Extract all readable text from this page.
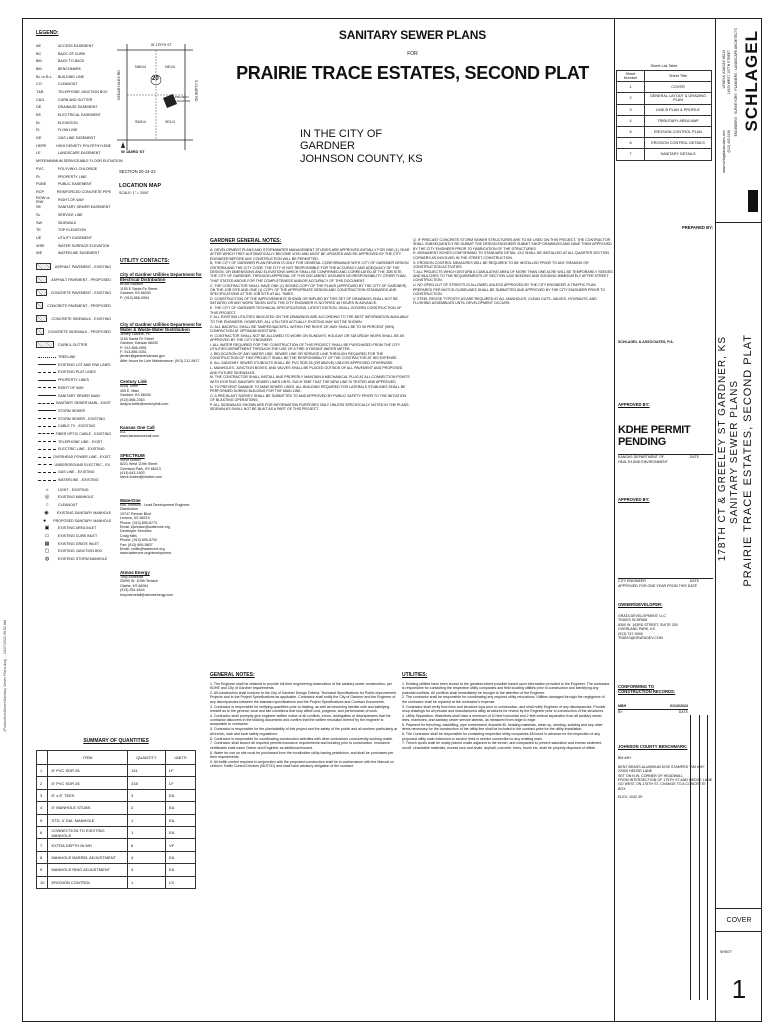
...\Production\Sewer\Sanitary Sewer Plans.dwg ... 10/27/2023 09:52 AM
LEGEND:
AE	ACCESS EASEMENT
BC	BACK OF CURB
BM	BACK TO BACK
BM	BENCHMARK
BL or B.L.	BUILDING LINE
CO	CLEANOUT
T&B	TELEPHONE JUNCTION BOX
C&G	CURB AND GUTTER
DE	DRAINAGE EASEMENT
EE	ELECTRICAL EASEMENT
EL	ELEVATION
FL	FLOW LINE
GE	GAS LINE EASEMENT
HDPE	HIGH DENSITY POLYETHYLENE
LE	LANDSCAPE EASEMENT
MSFE MINIMUM SERVICEABLE FLOOR ELEVATION
PVC	POLYVINYL CHLORIDE
PL	PROPERTY LINE
PUBE	PUBLIC EASEMENT
RCP	REINFORCED CONCRETE PIPE
ROW or R/W	RIGHT-OF-WAY
SE	SANITARY SEWER EASEMENT
SL	SERVICE LINE
SW	SIDEWALK
TE	TOP ELEVATION
UE	UTILITY EASEMENT
WSE	WATER SURFACE ELEVATION
WE	WATERLINE EASEMENT
ASPHALT PAVEMENT - EXISTING
ASPHALT PAVEMENT - PROPOSED
CONCRETE PAVEMENT - EXISTING
CONCRETE PAVEMENT - PROPOSED
CONCRETE SIDEWALK - EXISTING
CONCRETE SIDEWALK - PROPOSED
CURB & GUTTER
TREELINE
EXISTING LOT AND R/W LINES
EXISTING PLAT LINES
PROPERTY LINES
RIGHT OF WAY
SANITARY SEWER MAIN
SANITARY SEWER MAIN - EXIST
STORM SEWER
STORM SEWER - EXISTING
CABLE TV - EXISTING
FIBER OPTIC CABLE - EXISTING
TELEPHONE LINE - EXIST
ELECTRIC LINE - EXISTING
OVERHEAD POWER LINE - EXIST.
UNDERGROUND ELECTRIC - EX.
GAS LINE - EXISTING
WATERLINE - EXISTING
☼	LIGHT - EXISTING
◎	EXISTING MANHOLE
○	CLEANOUT
◉	EXISTING SANITARY MANHOLE
●	PROPOSED SANITARY MANHOLE
▣	EXISTING AREA INLET
▭	EXISTING CURB INLET
▦	EXISTING GRATE INLET
▢	EXISTING JUNCTION BOX
◍	EXISTING STORM MANHOLE
W 175TH ST
W 183RD ST
CEDAR NILES RD	S CLARE RD
NW1/4	NE1/4
SW1/4	SE1/4
20
PROJECT LOCATION
SECTION 20-14-22
LOCATION MAP
SCALE: 1" = 2000'
UTILITY CONTACTS:
City of Gardner Utilities Department for Electrical Distribution
Bruce Baldwin
1150 E Santa Fe Street
Gardner, KS 66030
P: (913) 856-0954
City of Gardner Utilities Department for Water & Waste-Water Distribution
Jeffrey LaMirre, PE
1150 Santa Fe Street
Gardner, Kansas 66030
P: 913-856-0991
F: 913-856-0251
jlemire@gardnerkansas.gov
After Hours for Line Maintenance: (913) 212-9917
Century Link
Andy Tuttle
405 E. Main
Gardner, KS 66030
(913) 856-2363
andy.w.tuttle@centurylink.com
Kansas One Call
811
www.kansasonecall.com
SPECTRUM
Steve Button
8221 West 119th Street
Overland Park, KS 66213
(913) 643-1903
steve.button@charter.com
WaterOne
Kirk Johnson - Lead Development Engineer, Distribution
10747 Renner Blvd
Lenexa, KS 66219
Phone: (913) 895-6773
Email: kjohnson@waterone.org
Developer Services:
Craig Mills
Phone: (913) 895-5700
Fax: (913) 895-5807
Email: cmills@waterone.org
www.waterone.org/development
Atmos Energy
Tony Annestall
25090 W. 119th Terrace
Olathe, KS 66061
(913) 254-6344
tony.barnetall@atmosenergy.com
SUMMARY OF QUANTITIES
	ITEM	QUANTITY	UNITS
1	8" PVC SDR 26	131	LF
2	6" PVC SDR 26	218	LF
3	8" x 6" TEES	3	EA
4	6" MANHOLE STUBS	2	EA
5	STD. 4' DIA. MANHOLE	1	EA
6	CONNECTION TO EXISTING MANHOLE	1	EA
7	EXTRA DEPTH IN MH	8	VF
8	MANHOLE BARREL ADJUSTMENT	4	EA
9	MANHOLE RING ADJUSTMENT	4	EA
10	EROSION CONTROL	1	LS
SANITARY SEWER PLANS
FOR
PRAIRIE TRACE ESTATES, SECOND PLAT
IN THE CITY OF GARDNER
JOHNSON COUNTY, KS
Sheet List Table
Sheet Number	Sheet Title
1	COVER
2	GENERAL LAYOUT & GRADING PLAN
3	LINE B PLAN & PROFILE
4	TRIBUTARY AREA MAP
5	EROSION CONTROL PLAN
6	EROSION CONTROL DETAILS
7	SANITARY DETAILS
GARDNER GENERAL NOTES:

A. DEVELOPMENT PLANS AND STORMWATER MANAGEMENT STUDIES ARE APPROVED INITIALLY FOR ONE (1) YEAR AFTER WHICH THEY AUTOMATICALLY BECOME VOID AND MUST BE UPDATED AND RE-APPROVED BY THE CITY ENGINEER BEFORE ANY CONSTRUCTION WILL BE PERMITTED.

B. THE CITY OF GARDNER PLAN REVIEW IS ONLY FOR GENERAL CONFORMANCE WITH CITY OF GARDNER DESIGN CRITERIA AND THE CITY CODE. THE CITY IS NOT RESPONSIBLE FOR THE ACCURACY AND ADEQUACY OF THE DESIGN, OR DIMENSIONS AND ELEVATIONS WHICH SHALL BE CONFIRMED AND CORRELATED AT THE JOB SITE. THE CITY OF GARDNER, THROUGH APPROVAL OF THIS DOCUMENT, ASSUMES NO RESPONSIBILITY OTHER THAN THAT STATED ABOVE FOR THE COMPLETENESS AND/OR ACCURACY OF THIS DOCUMENT.

C. THE CONTRACTOR SHALL HAVE ONE (1) SIGNED COPY OF THE PLANS (APPROVED BY THE CITY OF GARDNER) ON THE JOB SITE AND ONE (1) COPY OF THE APPROPRIATE DESIGN AND CONSTRUCTION STANDARDS AND SPECIFICATIONS AT THE JOB SITE AT ALL TIMES.

D. CONSTRUCTION OF THE IMPROVEMENTS SHOWN OR IMPLIED BY THIS SET OF DRAWINGS SHALL NOT BE INITIATED OR ANY WORK TAKEN UNTIL THE CITY ENGINEER IS NOTIFIED 48 HOURS IN ADVANCE.

E. THE CITY OF GARDNER TECHNICAL SPECIFICATIONS, LATEST EDITION, SHALL GOVERN CONSTRUCTION OF THIS PROJECT.

F. ALL EXISTING UTILITIES INDICATED ON THE DRAWINGS ARE ACCORDING TO THE BEST INFORMATION AVAILABLE TO THE ENGINEER; HOWEVER, ALL UTILITIES ACTUALLY EXISTING MAY NOT BE SHOWN.

G. ALL BACKFILL SHALL BE TAMPED BACKFILL WITHIN THE RIGHT-OF-WAY SHALL BE TO 95 PERCENT (95%) COMPACTION AT OPTIMUM MOISTURE.

H. CONTRACTOR SHALL NOT BE ALLOWED TO WORK ON SUNDAYS, HOLIDAY OR SATURDAY WORK SHALL BE AS APPROVED BY THE CITY ENGINEER.

I. ALL WATER REQUIRED FOR THE CONSTRUCTION OF THIS PROJECT SHALL BE PURCHASED FROM THE CITY UTILITIES DEPARTMENT THROUGH THE USE OF A FIRE HYDRANT WATER METER.

J. RELOCATION OF ANY WATER LINE, SEWER LINE OR SERVICE LINE THROUGH REQUIRED FOR THE CONSTRUCTION OF THIS PROJECT SHALL BE THE RESPONSIBILITY OF THE CONTRACTOR AT HIS EXPENSE.

K. ALL SANITARY SEWER STUBOUTS SHALL BE PVC SDR-26 (OR ABOVE) UNLESS APPROVED OTHERWISE.

L. MANHOLES, JUNCTION BOXES, AND VALVES SHALL BE PLACED OUTSIDE OF ALL PAVEMENT AND PROPOSED AND FUTURE SIDEWALKS.

M. THE CONTRACTOR SHALL INSTALL AND PROPERLY MAINTAIN A MECHANICAL PLUG AT ALL CONNECTION POINTS WITH EXISTING SANITARY SEWER LINES UNTIL SUCH TIME THAT THE NEW LINE IS TESTED AND APPROVED.

N. TO PREVENT DAMAGE TO MAIN SEWER LINES, ALL BUILDING REQUIRED FOR LATERALS STUBLINES SHALL BE PERFORMED DURING BUILDING FOR THE MAIN LINE.

O. A PRE-BLAST SURVEY SHALL BE SUBMITTED TO AND APPROVED BY PUBLIC SAFETY PRIOR TO THE INITIATION OF BLASTING OPERATIONS.

P. ALL SIDEWALKS SHOWN ARE FOR INFORMATION PURPOSES ONLY UNLESS SPECIFICALLY NOTED IN THE PLANS. SIDEWALKS SHALL NOT BE BUILT AS A PART OF THIS PROJECT.

Q. IF PRECAST CONCRETE STORM SEWER STRUCTURES ARE TO BE USED ON THIS PROJECT, THE CONTRACTOR SHALL SUBSEQUENTLY RE-SUBMIT THE DESIGN ENGINEER SUBMIT SHOP DRAWINGS AND HAVE THEM APPROVED BY THE CITY ENGINEER PRIOR TO FABRICATION OF THE STRUCTURES.

R. MONUMENT BOXES CONFORMING TO STANDARD DETAIL 13.0 SHALL BE INSTALLED AT ALL QUARTER SECTION CORNERS AS INVOLVED IN THE STREET CONSTRUCTION.

S. EROSION CONTROL MEASURES WILL BE REQUIRED TO BE INSTALLED PRIOR TO ANY GRADING OR CONSTRUCTION ACTIVITIES.

T. ALL PROJECTS WHICH DISTURB A CUMULATIVE AREA OF MORE THAN ONE ACRE WILL BE TEMPORARILY SEEDED AND MULCHED TO THE REQUIREMENTS OF SECTION 1200 SEEDING AND SODDING IMMEDIATELY AFTER STREET CONSTRUCTION.

U. NO OPEN CUT OF STREETS IS ALLOWED UNLESS APPROVED BY THE CITY ENGINEER. A TRAFFIC PLAN PREPARED PER MUTCD GUIDELINES SHALL BE SUBMITTED AND APPROVED BY THE CITY ENGINEER PRIOR TO CONSTRUCTION.

V. STEEL REVISE TYPOSTS 4/3 ARE REQUIRED AT ALL MANHOLES, CLEAN OUTS, VALVES, HYDRANTS, AND FLUSHING ASSEMBLIES UNTIL DEVELOPMENT OCCURS.

GENERAL NOTES:

1. The Engineer shall be retained to provide full-time engineering observation of the sanitary sewer construction, per KDHE and City of Gardner requirements.

2. All construction shall conform to the City of Gardner Design Criteria, Technical Specifications for Public Improvement Projects and to the Project Specifications as applicable. Contractor shall notify the City of Gardner and the Engineer of any discrepancies between the standard specifications and the Project Specifications and Contract Documents.

3. Contractor is responsible for verifying quantities prior to bidding, as well as becoming familiar with and satisfying himself as to the general, local and site conditions that may affect cost, progress, and performance of work.

4. Contractor shall promptly give engineer written notice of all conflicts, errors, ambiguities or discrepancies that the contractor discovers in the bidding documents and confirm that the written resolution thereof by the engineer is acceptable to contractor.

5. Contractor is responsible for the plan/stability of this project and the safety of the public and all workers particularly at all trench, slab and local safety regulations.

6. Contractor is responsible for coordinating construction activities with other contractors concurrently working onsite.

7. Contractor shall secure all required permits insurance requirements and bonding prior to construction. Insurance certificates shall name Owner and Engineer as additional insured.

8. Water for use on site must be purchased from the bondholder utility having jurisdiction, and shall be purchased per their requirements.

9. All traffic control required in conjunction with the proposed construction shall be in conformance with the Manual on Uniform Traffic Control Devices (MUTCD) and shall have advisory obligation of the contract.

UTILITIES:

1. Existing utilities have been shown to the greatest extent possible based upon information provided to the Engineer. The contractor is responsible for contacting the respective utility companies and field locating utilities prior to construction and identifying any potential conflicts. All conflicts shall immediately be brought to the attention of the Engineer.

2. The contractor shall be responsible for coordinating any required utility relocations. Utilities damaged through the negligence of the contractor shall be repaired at the contractor's expense.

3. Contractor shall verify flow lines and structure tops prior to construction, and shall notify Engineer of any discrepancies. Provide shop drawings for all precast and manufactured utility structures for review by the Engineer prior to construction of the structures.

4. Utility Separation: Waterlines shall have a minimum of 10 feet horizontal and 2 feet vertical separation from all sanitary sewer lines, manholes, and sanitary sewer service laterals, as measured from edge to edge.

5. Payment for trenching, backfilling, pipe embedment, flowable fill, bedding materials, clean up, seeding, sodding and any other items necessary for the construction of the utility line shall be included in the contract price for the utility installation.

6. The Contractor shall be responsible for contacting respective utility companies 48 hours in advance for the inspection of any proposed utility main extension or service lines in service connection to any existing main.

7. Trench spoils shall be neatly placed onsite adjacent to the trench, and compacted to prevent saturation and excess sediment runoff. Unsuitable materials, excess rock and shale, asphalt, concrete, trees, brush etc. shall be properly disposed of offsite.

PREPARED BY:
SCHLAGEL & ASSOCIATES, P.A.
APPROVED BY:
KDHE PERMIT PENDING
KANSAS DEPARTMENT OF HEALTH AND ENVIRONMENT
DATE
APPROVED BY:
CITY ENGINEER	DATE
APPROVED FOR ONE YEAR FROM THIS DATE
OWNER/DEVELOPER:
GRATA DEVELOPMENT, LLC
TRAVIS SCHRAM
8300 W. 143RD STREET, SUITE 200
OVERLAND PARK, KS
(913) 747-9945
TRAVIS@GRATADEV.COM
CONFORMING TO CONSTRUCTION RECORDS:
MBH	01/10/2023
BY	DATE
JOHNSON COUNTY BENCHMARK:
BM #9H
BENT BRASS ALUMINUM DISK STAMPED "BM #9H"
22900 HEDGE LANE
SET ON N.W. CORNER OF HEADWALL
FROM INTERSECTION OF 175TH ST AND HEDGE LANE
GO WEST ON 175TH ST. CHANGE TO A CONCRETE BOX
ELEV: 1042.39'
SCHLAGEL
ENGINEERS · SURVEYORS · PLANNERS · LANDSCAPE ARCHITECTS
14920 WEST 107TH STREET
LENEXA, KANSAS 66215
(913) 492-5158
www.schlagelassociates.com
PRAIRIE TRACE ESTATES, SECOND PLAT
SANITARY SEWER PLANS
178TH CT & GREELEY ST GARDNER, KS
COVER
SHEET
1
